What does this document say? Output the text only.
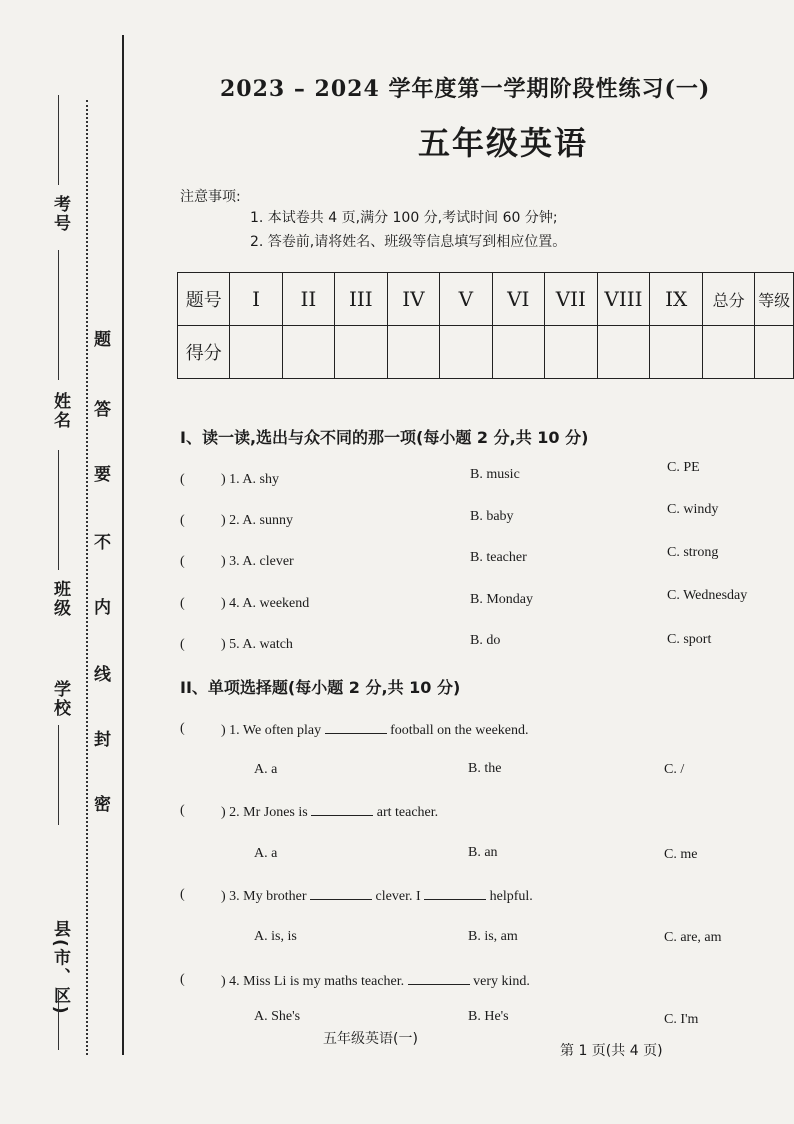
考号
姓名
班级
学校
县(市、区)
题
答
要
不
内
线
封
密
2023 – 2024 学年度第一学期阶段性练习(一)
五年级英语
注意事项:
1. 本试卷共 4 页,满分 100 分,考试时间 60 分钟;
2. 答卷前,请将姓名、班级等信息填写到相应位置。
题号	I	II	III	IV	V	VI	VII	VIII	IX	总分	等级
得分											
I、读一读,选出与众不同的那一项(每小题 2 分,共 10 分)
(	) 1. A. shy	B. music	C. PE
(	) 2. A. sunny	B. baby	C. windy
(	) 3. A. clever	B. teacher	C. strong
(	) 4. A. weekend	B. Monday	C. Wednesday
(	) 5. A. watch	B. do	C. sport
II、单项选择题(每小题 2 分,共 10 分)
(	) 1. We often play	football on the weekend.
A. a	B. the	C. /
(	) 2. Mr Jones is	art teacher.
A. a	B. an	C. me
(	) 3. My brother	clever. I	helpful.
A. is, is	B. is, am	C. are, am
(	) 4. Miss Li is my maths teacher.	very kind.
A. She's	B. He's	C. I'm
五年级英语(一)
第 1 页(共 4 页)
